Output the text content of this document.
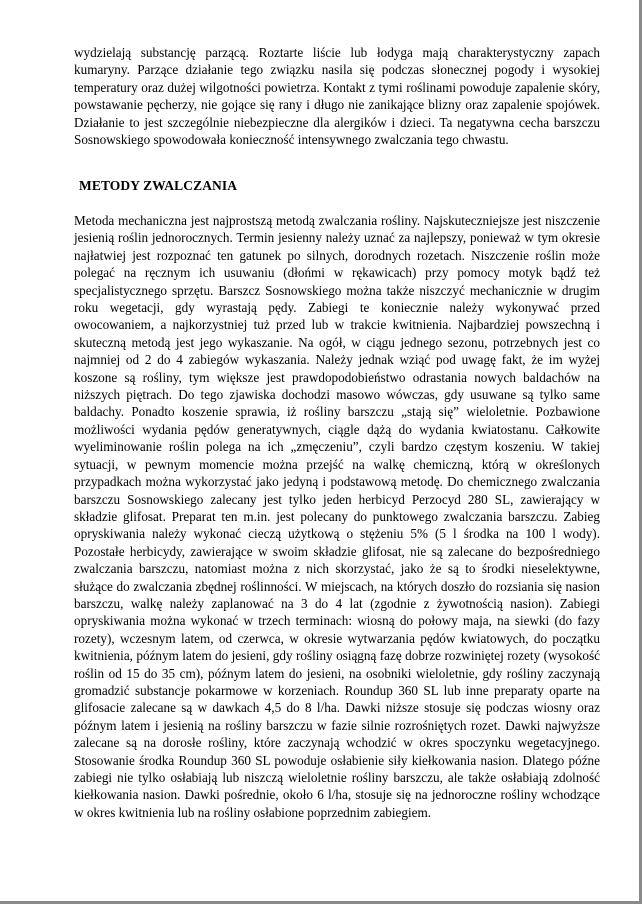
wydzielają substancję parzącą. Roztarte liście lub łodyga mają charakterystyczny zapach kumaryny. Parzące działanie tego związku nasila się podczas słonecznej pogody i wysokiej temperatury oraz dużej wilgotności powietrza. Kontakt z tymi roślinami powoduje zapalenie skóry, powstawanie pęcherzy, nie gojące się rany i długo nie zanikające blizny oraz zapalenie spojówek. Działanie to jest szczególnie niebezpieczne dla alergików i dzieci. Ta negatywna cecha barszczu Sosnowskiego spowodowała konieczność intensywnego zwalczania tego chwastu.

METODY ZWALCZANIA

Metoda mechaniczna jest najprostszą metodą zwalczania rośliny. Najskuteczniejsze jest niszczenie jesienią roślin jednorocznych. Termin jesienny należy uznać za najlepszy, ponieważ w tym okresie najłatwiej jest rozpoznać ten gatunek po silnych, dorodnych rozetach. Niszczenie roślin może polegać na ręcznym ich usuwaniu (dłońmi w rękawicach) przy pomocy motyk bądź też specjalistycznego sprzętu. Barszcz Sosnowskiego można także niszczyć mechanicznie w drugim roku wegetacji, gdy wyrastają pędy. Zabiegi te koniecznie należy wykonywać przed owocowaniem, a najkorzystniej tuż przed lub w trakcie kwitnienia. Najbardziej powszechną i skuteczną metodą jest jego wykaszanie. Na ogół, w ciągu jednego sezonu, potrzebnych jest co najmniej od 2 do 4 zabiegów wykaszania. Należy jednak wziąć pod uwagę fakt, że im wyżej koszone są rośliny, tym większe jest prawdopodobieństwo odrastania nowych baldachów na niższych piętrach. Do tego zjawiska dochodzi masowo wówczas, gdy usuwane są tylko same baldachy. Ponadto koszenie sprawia, iż rośliny barszczu „stają się” wieloletnie. Pozbawione możliwości wydania pędów generatywnych, ciągle dążą do wydania kwiatostanu. Całkowite wyeliminowanie roślin polega na ich „zmęczeniu”, czyli bardzo częstym koszeniu. W takiej sytuacji, w pewnym momencie można przejść na walkę chemiczną, którą w określonych przypadkach można wykorzystać jako jedyną i podstawową metodę. Do chemicznego zwalczania barszczu Sosnowskiego zalecany jest tylko jeden herbicyd Perzocyd 280 SL, zawierający w składzie glifosat. Preparat ten m.in. jest polecany do punktowego zwalczania barszczu. Zabieg opryskiwania należy wykonać cieczą użytkową o stężeniu 5% (5 l środka na 100 l wody). Pozostałe herbicydy, zawierające w swoim składzie glifosat, nie są zalecane do bezpośredniego zwalczania barszczu, natomiast można z nich skorzystać, jako że są to środki nieselektywne, służące do zwalczania zbędnej roślinności. W miejscach, na których doszło do rozsiania się nasion barszczu, walkę należy zaplanować na 3 do 4 lat (zgodnie z żywotnością nasion). Zabiegi opryskiwania można wykonać w trzech terminach: wiosną do połowy maja, na siewki (do fazy rozety), wczesnym latem, od czerwca, w okresie wytwarzania pędów kwiatowych, do początku kwitnienia, późnym latem do jesieni, gdy rośliny osiągną fazę dobrze rozwiniętej rozety (wysokość roślin od 15 do 35 cm), późnym latem do jesieni, na osobniki wieloletnie, gdy rośliny zaczynają gromadzić substancje pokarmowe w korzeniach. Roundup 360 SL lub inne preparaty oparte na glifosacie zalecane są w dawkach 4,5 do 8 l/ha. Dawki niższe stosuje się podczas wiosny oraz późnym latem i jesienią na rośliny barszczu w fazie silnie rozrośniętych rozet. Dawki najwyższe zalecane są na dorosłe rośliny, które zaczynają wchodzić w okres spoczynku wegetacyjnego. Stosowanie środka Roundup 360 SL powoduje osłabienie siły kiełkowania nasion. Dlatego późne zabiegi nie tylko osłabiają lub niszczą wieloletnie rośliny barszczu, ale także osłabiają zdolność kiełkowania nasion. Dawki pośrednie, około 6 l/ha, stosuje się na jednoroczne rośliny wchodzące w okres kwitnienia lub na rośliny osłabione poprzednim zabiegiem.
